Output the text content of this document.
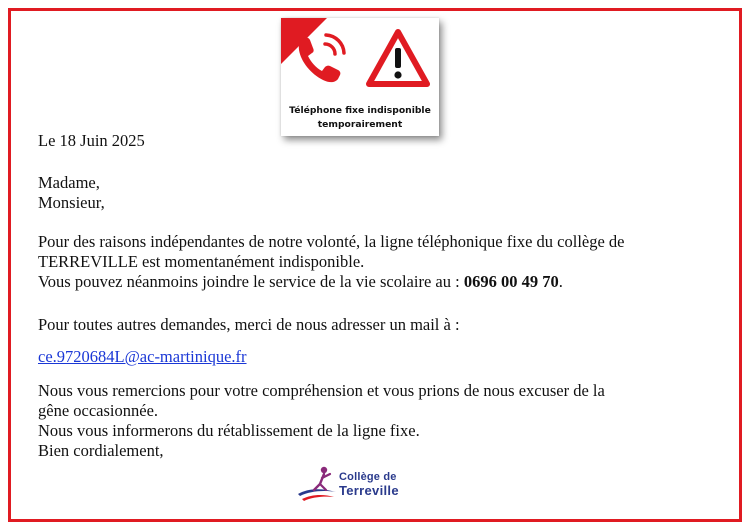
Téléphone fixe indisponible
temporairement

Le 18 Juin 2025

Madame,
Monsieur,

Pour des raisons indépendantes de notre volonté, la ligne téléphonique fixe du collège de
TERREVILLE est momentanément indisponible.
Vous pouvez néanmoins joindre le service de la vie scolaire au : 0696 00 49 70.

Pour toutes autres demandes, merci de nous adresser un mail à :

ce.9720684L@ac-martinique.fr

Nous vous remercions pour votre compréhension et vous prions de nous excuser de la
gêne occasionnée.
Nous vous informerons du rétablissement de la ligne fixe.
Bien cordialement,

Collège de
Terreville
